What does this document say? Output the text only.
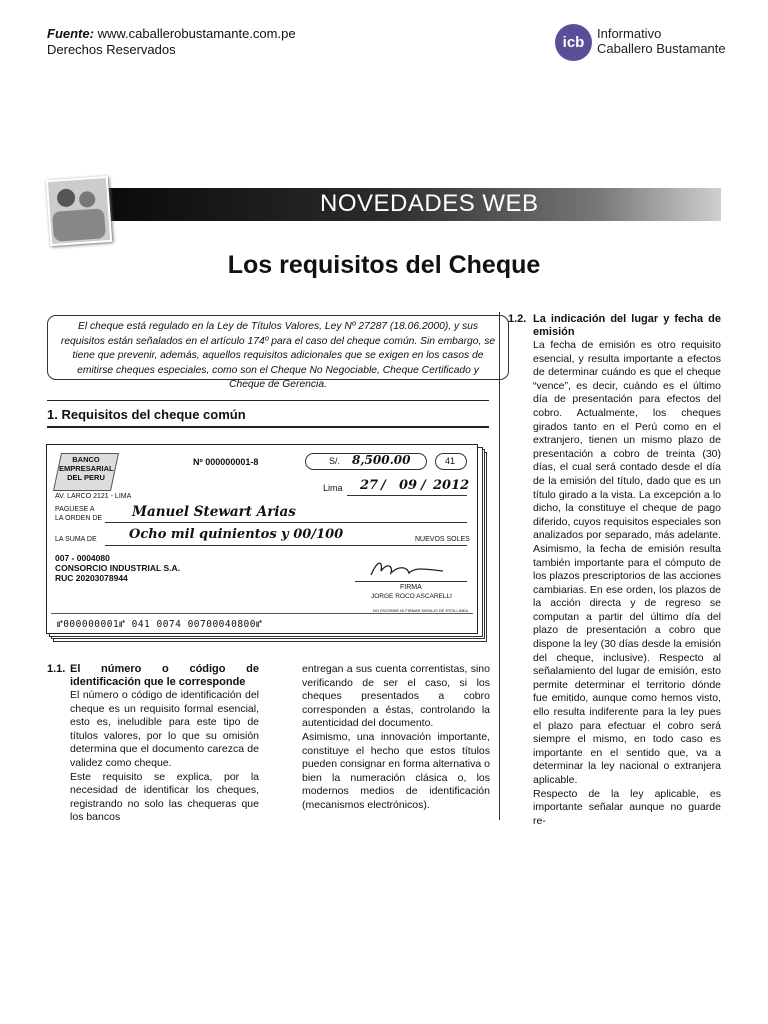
Fuente: www.caballerobustamante.com.pe
Derechos Reservados	icb
Informativo
Caballero Bustamante
NOVEDADES WEB
Los requisitos del Cheque
El cheque está regulado en la Ley de Títulos Valores, Ley Nº 27287 (18.06.2000), y sus requisitos están señalados en el artículo 174º para el caso del cheque común. Sin embargo, se tiene que prevenir, además, aquellos requisitos adicionales que se exigen en los casos de emitirse cheques especiales, como son el Cheque No Negociable, Cheque Certificado y Cheque de Gerencia.
1. Requisitos del cheque común
BANCO
EMPRESARIAL
DEL PERU
AV. LARCO 2121 - LIMA
Nº 000000001-8	S/. 8,500.00	41
Lima 27 / 09 / 2012
PAGUESE A
LA ORDEN DE Manuel Stewart Arias
LA SUMA DE Ocho mil quinientos y 00/100	NUEVOS SOLES
007 - 0004080
CONSORCIO INDUSTRIAL S.A.
RUC 20203078944
FIRMA
JORGE ROCO ASCARELLI
NO ESCRIBIR NI FIRMAR DEBAJO DE ESTA LINEA
⑈000000001⑈ 041 0074 00700040800⑈
1.1. El número o código de identificación que le corresponde

El número o código de identificación del cheque es un requisito formal esencial, esto es, ineludible para este tipo de títulos valores, por lo que su omisión determina que el documento carezca de validez como cheque.

Este requisito se explica, por la necesidad de identificar los cheques, registrando no solo las chequeras que los bancos

entregan a sus cuenta correntistas, sino verificando de ser el caso, si los cheques presentados a cobro corresponden a éstas, controlando la autenticidad del documento.

Asimismo, una innovación importante, constituye el hecho que estos títulos pueden consignar en forma alternativa o bien la numeración clásica o, los modernos medios de identificación (mecanismos electrónicos).

1.2. La indicación del lugar y fecha de emisión

La fecha de emisión es otro requisito esencial, y resulta importante a efectos de determinar cuándo es que el cheque “vence”, es decir, cuándo es el último día de presentación para efectos del cobro. Actualmente, los cheques girados tanto en el Perú como en el extranjero, tienen un mismo plazo de presentación a cobro de treinta (30) días, el cual será contado desde el día de la emisión del título, dado que es un título girado a la vista. La excepción a lo dicho, la constituye el cheque de pago diferido, cuyos requisitos especiales son analizados por separado, más adelante. Asimismo, la fecha de emisión resulta también importante para el cómputo de los plazos prescriptorios de las acciones cambiarias. En ese orden, los plazos de la acción directa y de regreso se computan a partir del último día del plazo de presentación a cobro que dispone la ley (30 días desde la emisión del cheque, inclusive). Respecto al señalamiento del lugar de emisión, esto permite determinar el territorio dónde fue emitido, aunque como hemos visto, ello resulta indiferente para la ley pues el plazo para efectuar el cobro será siempre el mismo, en todo caso es importante en el sentido que, va a determinar la ley nacional o extranjera aplicable.

Respecto de la ley aplicable, es importante señalar aunque no guarde re-
